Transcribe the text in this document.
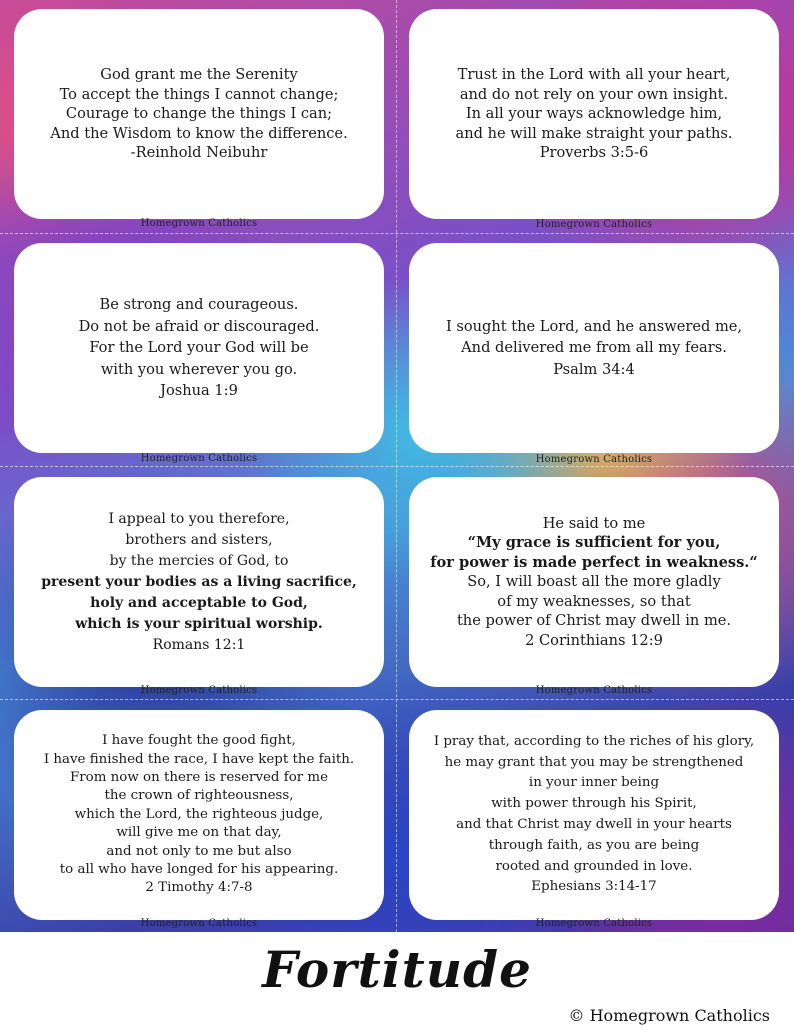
God grant me the Serenity
To accept the things I cannot change;
Courage to change the things I can;
And the Wisdom to know the difference.
-Reinhold Neibuhr
Homegrown Catholics
Trust in the Lord with all your heart,
and do not rely on your own insight.
In all your ways acknowledge him,
and he will make straight your paths.
Proverbs 3:5-6
Homegrown Catholics
Be strong and courageous.
Do not be afraid or discouraged.
For the Lord your God will be
with you wherever you go.
Joshua 1:9
Homegrown Catholics
I sought the Lord, and he answered me,
And delivered me from all my fears.
Psalm 34:4
Homegrown Catholics
I appeal to you therefore,
brothers and sisters,
by the mercies of God, to
present your bodies as a living sacrifice,
holy and acceptable to God,
which is your spiritual worship.
Romans 12:1
Homegrown Catholics
He said to me
“My grace is sufficient for you,
for power is made perfect in weakness.“
So, I will boast all the more gladly
of my weaknesses, so that
the power of Christ may dwell in me.
2 Corinthians 12:9
Homegrown Catholics
I have fought the good fight,
I have finished the race, I have kept the faith.
From now on there is reserved for me
the crown of righteousness,
which the Lord, the righteous judge,
will give me on that day,
and not only to me but also
to all who have longed for his appearing.
2 Timothy 4:7-8
Homegrown Catholics
I pray that, according to the riches of his glory,
he may grant that you may be strengthened
in your inner being
with power through his Spirit,
and that Christ may dwell in your hearts
through faith, as you are being
rooted and grounded in love.
Ephesians 3:14-17
Homegrown Catholics
Fortitude
© Homegrown Catholics
